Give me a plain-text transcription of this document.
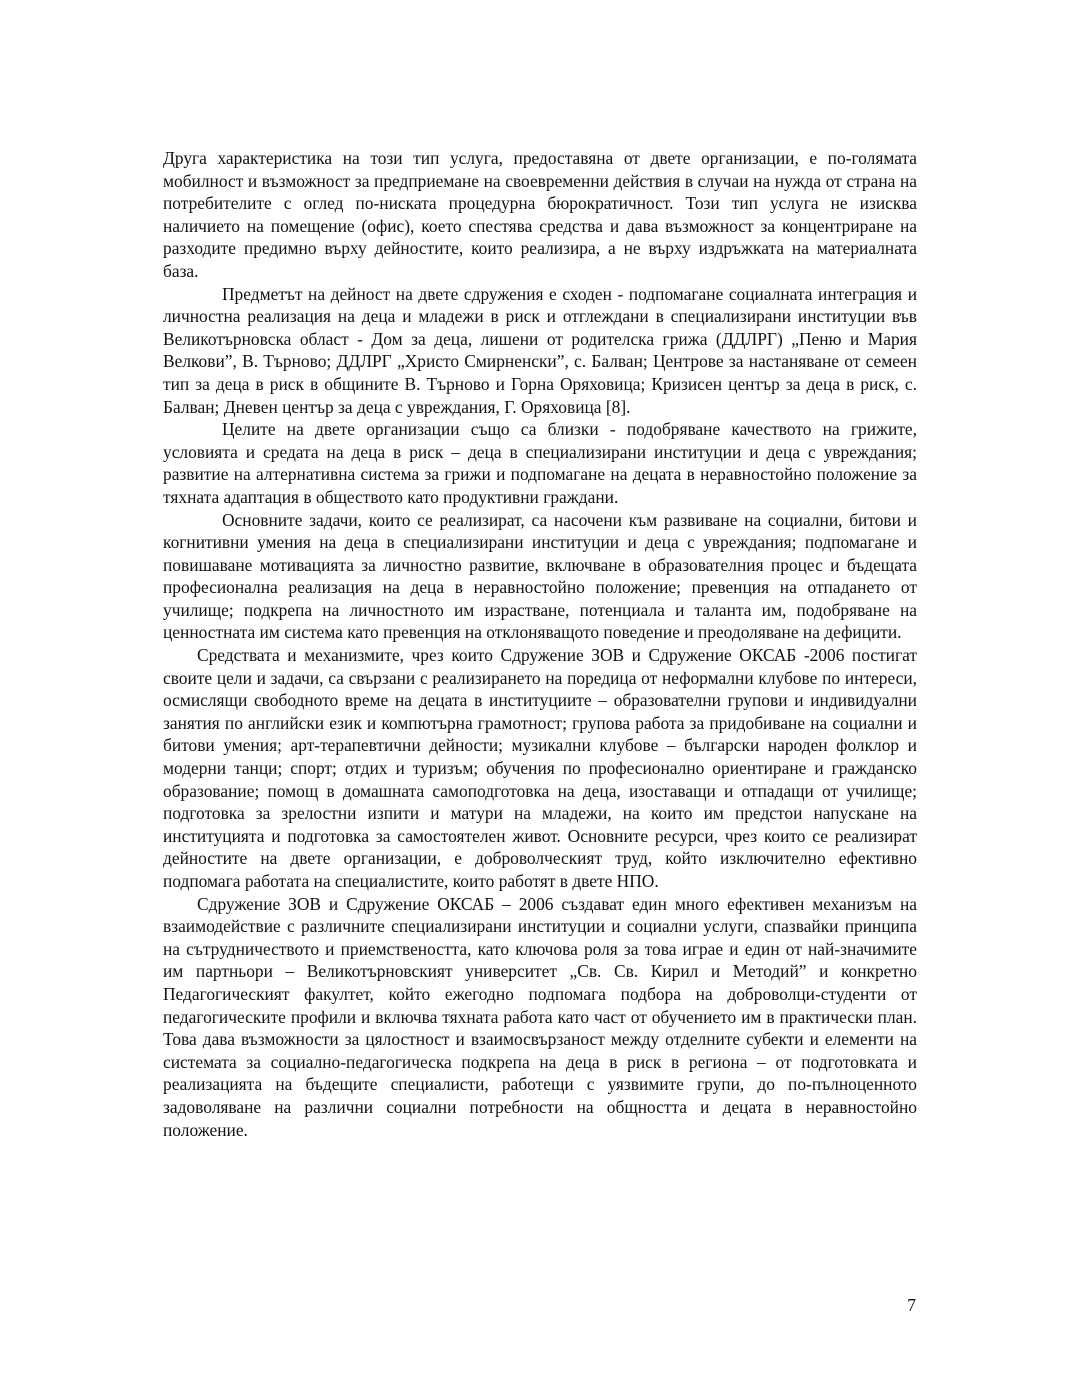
Друга характеристика на този тип услуга, предоставяна от двете организации, е по-голямата мобилност и възможност за предприемане на своевременни действия в случаи на нужда от страна на потребителите с оглед по-ниската процедурна бюрократичност. Този тип услуга не изисква наличието на помещение (офис), което спестява средства и дава възможност за концентриране на разходите предимно върху дейностите, които реализира, а не върху издръжката на материалната база.

Предметът на дейност на двете сдружения е сходен - подпомагане социалната интеграция и личностна реализация на деца и младежи в риск и отглеждани в специализирани институции във Великотърновска област - Дом за деца, лишени от родителска грижа (ДДЛРГ) „Пеню и Мария Велкови”, В. Търново; ДДЛРГ „Христо Смирненски”, с. Балван; Центрове за настаняване от семеен тип за деца в риск в общините В. Търново и Горна Оряховица; Кризисен център за деца в риск, с. Балван; Дневен център за деца с увреждания, Г. Оряховица [8].

Целите на двете организации също са близки - подобряване качеството на грижите, условията и средата на деца в риск – деца в специализирани институции и деца с увреждания; развитие на алтернативна система за грижи и подпомагане на децата в неравностойно положение за тяхната адаптация в обществото като продуктивни граждани.

Основните задачи, които се реализират, са насочени към развиване на социални, битови и когнитивни умения на деца в специализирани институции и деца с увреждания; подпомагане и повишаване мотивацията за личностно развитие, включване в образователния процес и бъдещата професионална реализация на деца в неравностойно положение; превенция на отпадането от училище; подкрепа на личностното им израстване, потенциала и таланта им, подобряване на ценностната им система като превенция на отклоняващото поведение и преодоляване на дефицити.

Средствата и механизмите, чрез които Сдружение ЗОВ и Сдружение ОКСАБ -2006 постигат своите цели и задачи, са свързани с реализирането на поредица от неформални клубове по интереси, осмислящи свободното време на децата в институциите – образователни групови и индивидуални занятия по английски език и компютърна грамотност; групова работа за придобиване на социални и битови умения; арт-терапевтични дейности; музикални клубове – български народен фолклор и модерни танци; спорт; отдих и туризъм; обучения по професионално ориентиране и гражданско образование; помощ в домашната самоподготовка на деца, изоставащи и отпадащи от училище; подготовка за зрелостни изпити и матури на младежи, на които им предстои напускане на институцията и подготовка за самостоятелен живот. Основните ресурси, чрез които се реализират дейностите на двете организации, е доброволческият труд, който изключително ефективно подпомага работата на специалистите, които работят в двете НПО.

Сдружение ЗОВ и Сдружение ОКСАБ – 2006 създават един много ефективен механизъм на взаимодействие с различните специализирани институции и социални услуги, спазвайки принципа на сътрудничеството и приемствеността, като ключова роля за това играе и един от най-значимите им партньори – Великотърновският университет „Св. Св. Кирил и Методий” и конкретно Педагогическият факултет, който ежегодно подпомага подбора на доброволци-студенти от педагогическите профили и включва тяхната работа като част от обучението им в практически план. Това дава възможности за цялостност и взаимосвързаност между отделните субекти и елементи на системата за социално-педагогическа подкрепа на деца в риск в региона – от подготовката и реализацията на бъдещите специалисти, работещи с уязвимите групи, до по-пълноценното задоволяване на различни социални потребности на общността и децата в неравностойно положение.

7
